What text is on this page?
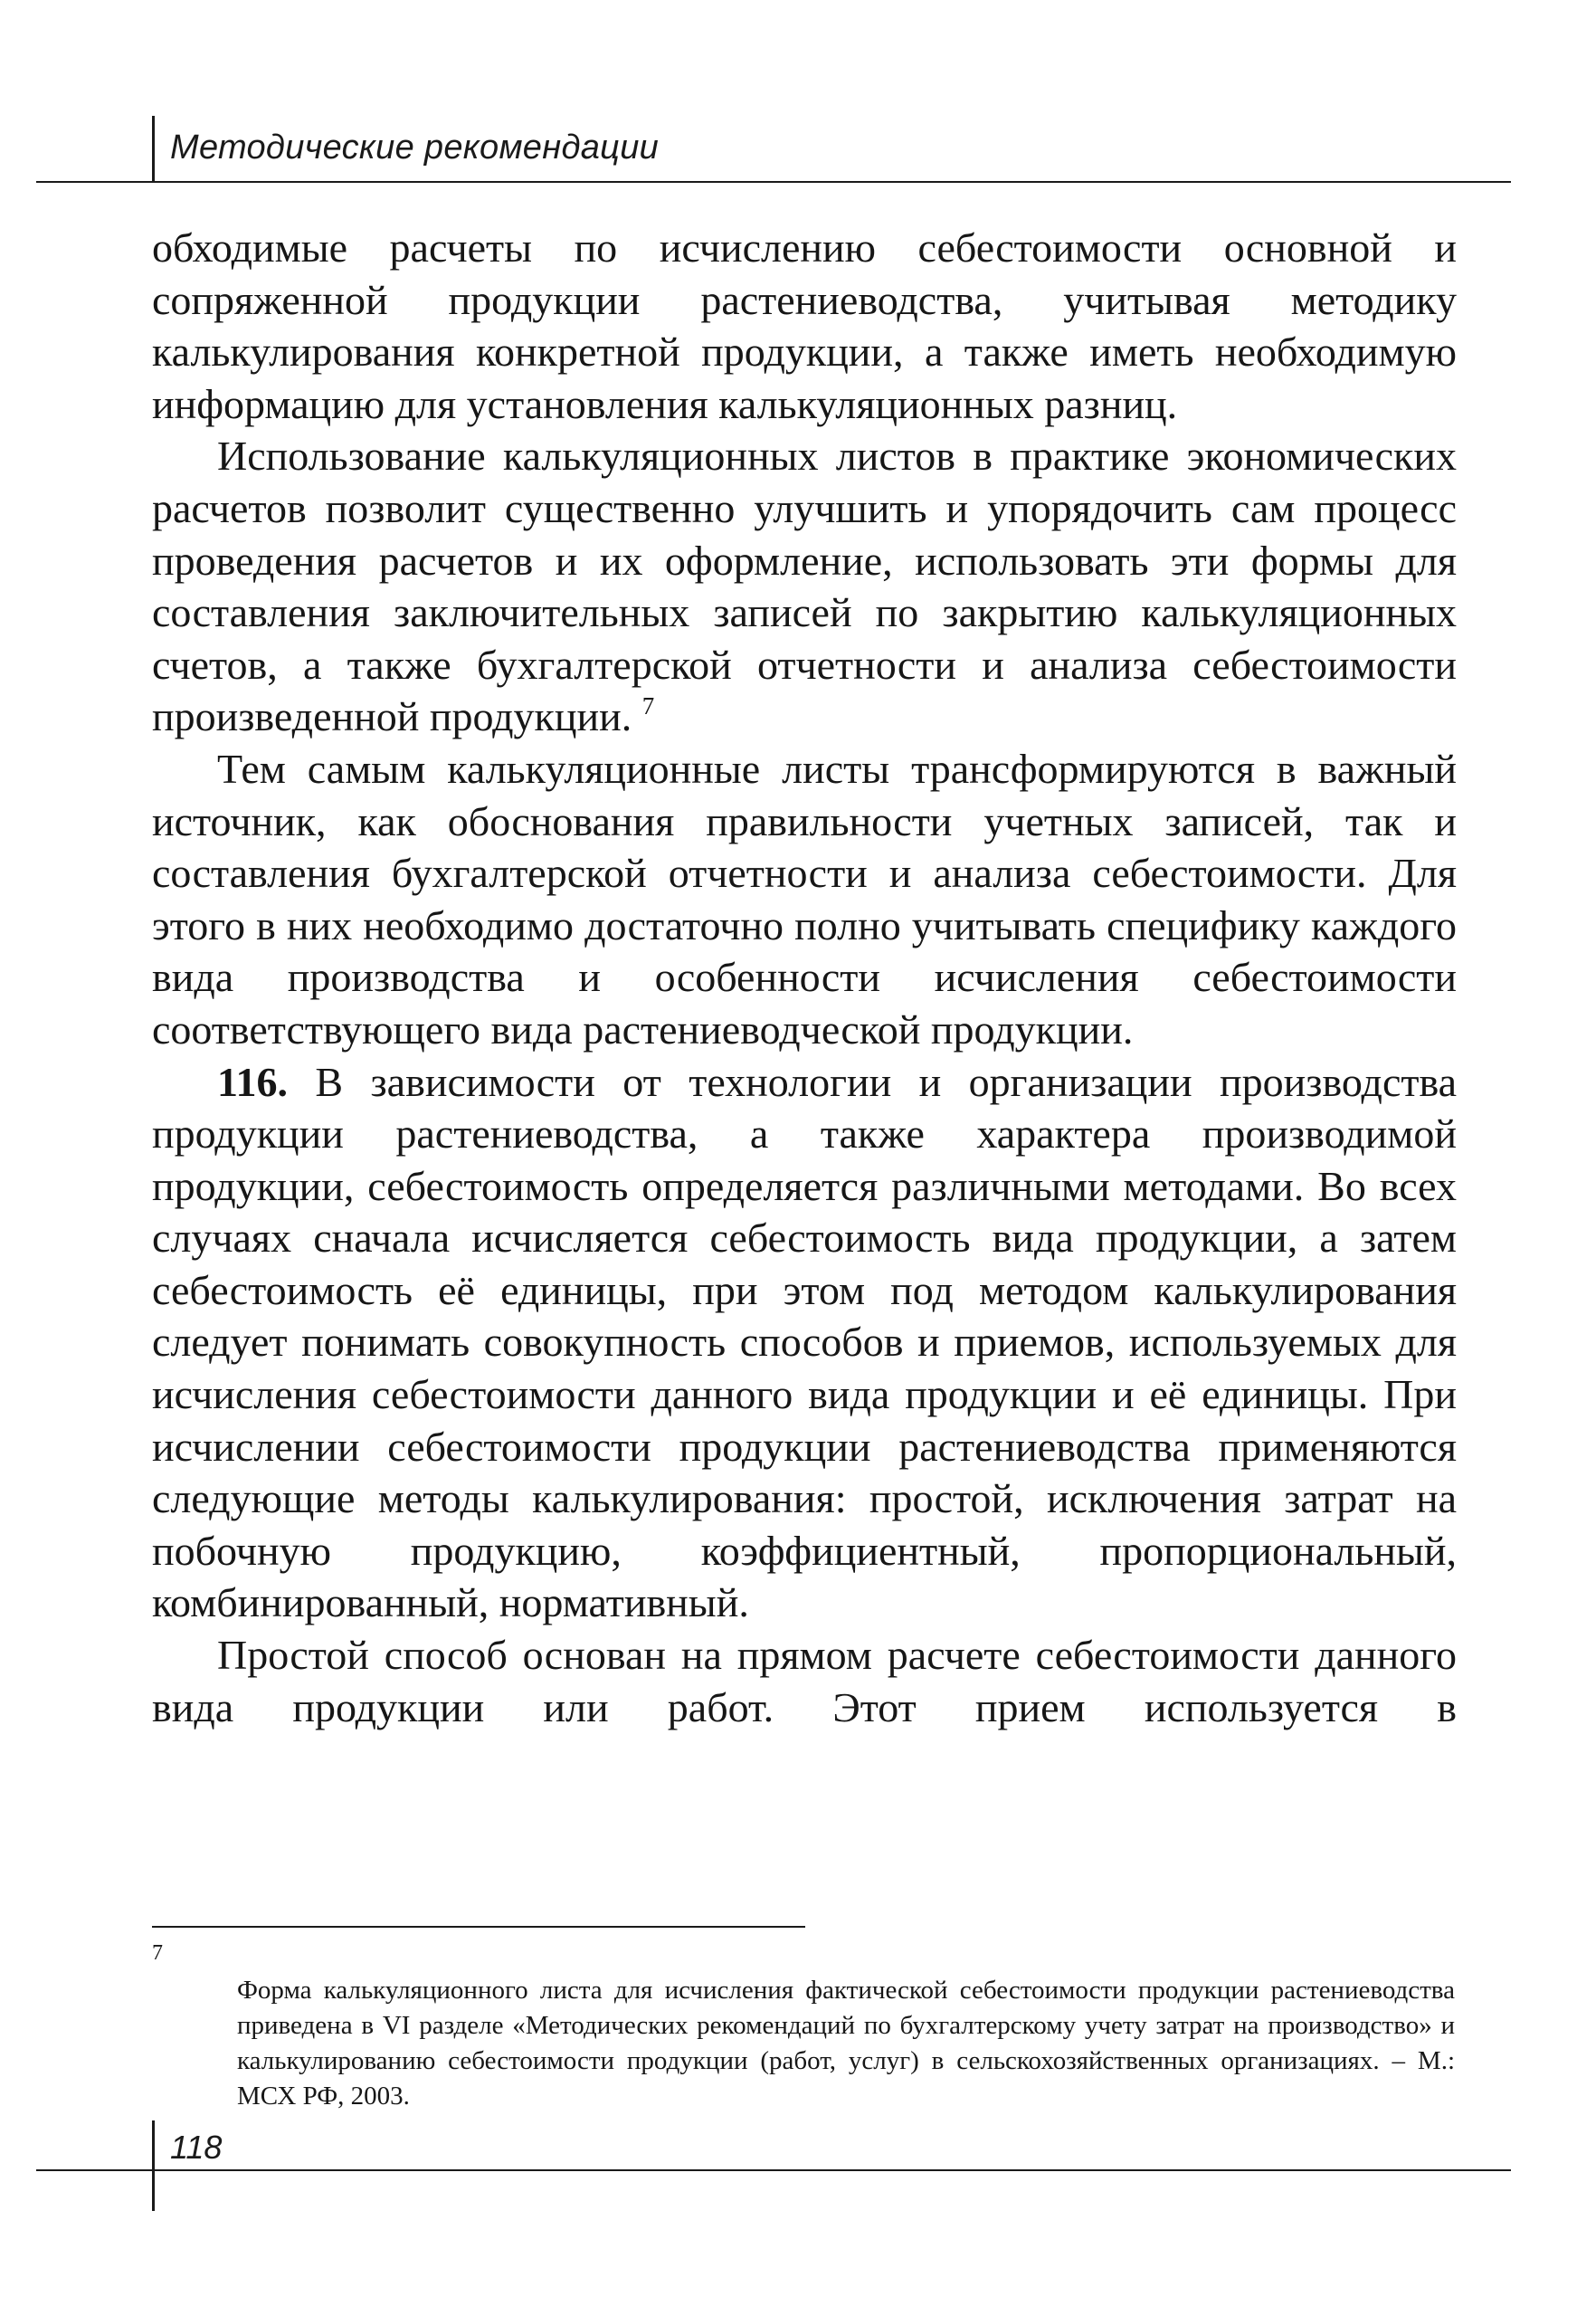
Методические рекомендации

обходимые расчеты по исчислению себестоимости основной и сопряженной продукции растениеводства, учитывая методику калькулирования конкретной продукции, а также иметь необходимую информацию для установления калькуляционных разниц.

Использование калькуляционных листов в практике экономических расчетов позволит существенно улучшить и упорядочить сам процесс проведения расчетов и их оформление, использовать эти формы для составления заключительных записей по закрытию калькуляционных счетов, а также бухгалтерской отчетности и анализа себестоимости произведенной продукции. $^7$

Тем самым калькуляционные листы трансформируются в важный источник, как обоснования правильности учетных записей, так и составления бухгалтерской отчетности и анализа себестоимости. Для этого в них необходимо достаточно полно учитывать специфику каждого вида производства и особенности исчисления себестоимости соответствующего вида растениеводческой продукции.

116. В зависимости от технологии и организации производства продукции растениеводства, а также характера производимой продукции, себестоимость определяется различными методами. Во всех случаях сначала исчисляется себестоимость вида продукции, а затем себестоимость её единицы, при этом под методом калькулирования следует понимать совокупность способов и приемов, используемых для исчисления себестоимости данного вида продукции и её единицы. При исчислении себестоимости продукции растениеводства применяются следующие методы калькулирования: простой, исключения затрат на побочную продукцию, коэффициентный, пропорциональный, комбинированный, нормативный.

Простой способ основан на прямом расчете себестоимости данного вида продукции или работ. Этот прием используется в

7
Форма калькуляционного листа для исчисления фактической себестоимости продукции растениеводства приведена в VI разделе «Методических рекомендаций по бухгалтерскому учету затрат на производство» и калькулированию себестоимости продукции (работ, услуг) в сельскохозяйственных организациях. – М.: МСХ РФ, 2003.
118
